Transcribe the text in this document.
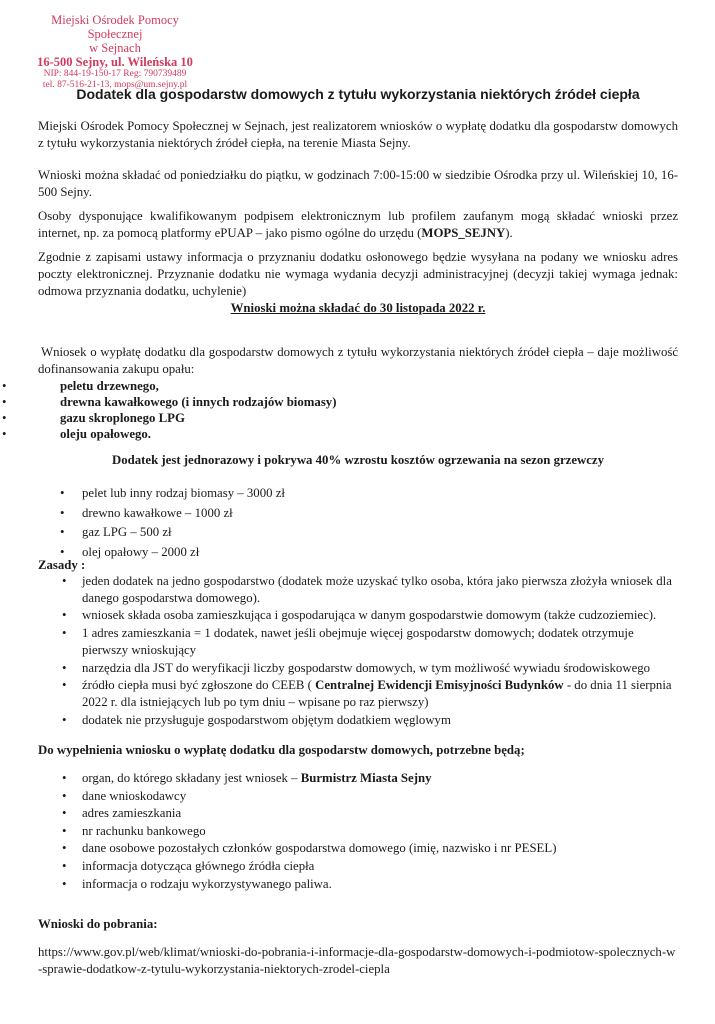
Miejski Ośrodek Pomocy Społecznej
w Sejnach
16-500 Sejny, ul. Wileńska 10
NIP: 844-19-150-17 Reg: 790739489
tel. 87-516-21-13, mops@um.sejny.pl
Dodatek dla gospodarstw domowych z tytułu wykorzystania niektórych źródeł ciepła

Miejski Ośrodek Pomocy Społecznej w Sejnach, jest realizatorem wniosków o wypłatę dodatku dla gospodarstw domowych z tytułu wykorzystania niektórych źródeł ciepła, na terenie Miasta Sejny.

Wnioski można składać od poniedziałku do piątku, w godzinach 7:00-15:00 w siedzibie Ośrodka przy ul. Wileńskiej 10, 16-500 Sejny.

Osoby dysponujące kwalifikowanym podpisem elektronicznym lub profilem zaufanym mogą składać wnioski przez internet, np. za pomocą platformy ePUAP – jako pismo ogólne do urzędu (MOPS_SEJNY).

Zgodnie z zapisami ustawy informacja o przyznaniu dodatku osłonowego będzie wysyłana na podany we wniosku adres poczty elektronicznej. Przyznanie dodatku nie wymaga wydania decyzji administracyjnej (decyzji takiej wymaga jednak: odmowa przyznania dodatku, uchylenie)

Wnioski można składać do 30 listopada 2022 r.

Wniosek o wypłatę dodatku dla gospodarstw domowych z tytułu wykorzystania niektórych źródeł ciepła – daje możliwość dofinansowania zakupu opału:

• peletu drzewnego,
• drewna kawałkowego (i innych rodzajów biomasy)
• gazu skroplonego LPG
• oleju opałowego.

Dodatek jest jednorazowy i pokrywa 40% wzrostu kosztów ogrzewania na sezon grzewczy

• pelet lub inny rodzaj biomasy – 3000 zł
• drewno kawałkowe – 1000 zł
• gaz LPG – 500 zł
• olej opałowy – 2000 zł

Zasady :

• jeden dodatek na jedno gospodarstwo (dodatek może uzyskać tylko osoba, która jako pierwsza złożyła wniosek dla danego gospodarstwa domowego).
• wniosek składa osoba zamieszkująca i gospodarująca w danym gospodarstwie domowym (także cudzoziemiec).
• 1 adres zamieszkania = 1 dodatek, nawet jeśli obejmuje więcej gospodarstw domowych; dodatek otrzymuje pierwszy wnioskujący
• narzędzia dla JST do weryfikacji liczby gospodarstw domowych, w tym możliwość wywiadu środowiskowego
• źródło ciepła musi być zgłoszone do CEEB ( Centralnej Ewidencji Emisyjności Budynków - do dnia 11 sierpnia 2022 r. dla istniejących lub po tym dniu – wpisane po raz pierwszy)
• dodatek nie przysługuje gospodarstwom objętym dodatkiem węglowym

Do wypełnienia wniosku o wypłatę dodatku dla gospodarstw domowych, potrzebne będą;

• organ, do którego składany jest wniosek – Burmistrz Miasta Sejny
• dane wnioskodawcy
• adres zamieszkania
• nr rachunku bankowego
• dane osobowe pozostałych członków gospodarstwa domowego (imię, nazwisko i nr PESEL)
• informacja dotycząca głównego źródła ciepła
• informacja o rodzaju wykorzystywanego paliwa.

Wnioski do pobrania:

https://www.gov.pl/web/klimat/wnioski-do-pobrania-i-informacje-dla-gospodarstw-domowych-i-podmiotow-spolecznych-w-sprawie-dodatkow-z-tytulu-wykorzystania-niektorych-zrodel-ciepla
